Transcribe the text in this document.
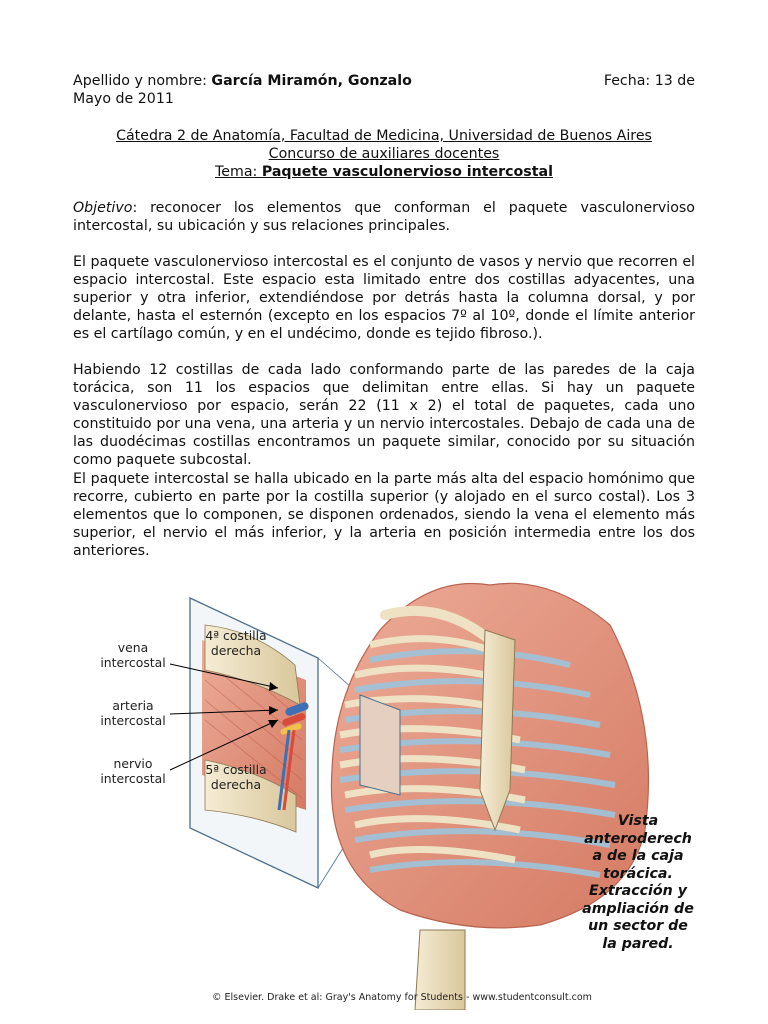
Fecha: 13 de
Apellido y nombre: García Miramón, Gonzalo
Mayo de 2011
Cátedra 2 de Anatomía, Facultad de Medicina, Universidad de Buenos Aires
Concurso de auxiliares docentes
Tema: Paquete vasculonervioso intercostal
Objetivo: reconocer los elementos que conforman el paquete vasculonervioso intercostal, su ubicación y sus relaciones principales.
El paquete vasculonervioso intercostal es el conjunto de vasos y nervio que recorren el espacio intercostal. Este espacio esta limitado entre dos costillas adyacentes, una superior y otra inferior, extendiéndose por detrás hasta la columna dorsal, y por delante, hasta el esternón (excepto en los espacios 7º al 10º, donde el límite anterior es el cartílago común, y en el undécimo, donde es tejido fibroso.).
Habiendo 12 costillas de cada lado conformando parte de las paredes de la caja torácica, son 11 los espacios que delimitan entre ellas. Si hay un paquete vasculonervioso por espacio, serán 22 (11 x 2) el total de paquetes, cada uno constituido por una vena, una arteria y un nervio intercostales. Debajo de cada una de las duodécimas costillas encontramos un paquete similar, conocido por su situación como paquete subcostal.
El paquete intercostal se halla ubicado en la parte más alta del espacio homónimo que recorre, cubierto en parte por la costilla superior (y alojado en el surco costal). Los 3 elementos que lo componen, se disponen ordenados, siendo la vena el elemento más superior, el nervio el más inferior, y la arteria en posición intermedia entre los dos anteriores.
vena
intercostal
arteria
intercostal
nervio
intercostal
4ª costilla
derecha
5ª costilla
derecha
Vista
anteroderech
a de la caja
torácica.
Extracción y
ampliación de
un sector de
la pared.
© Elsevier. Drake et al: Gray's Anatomy for Students - www.studentconsult.com
